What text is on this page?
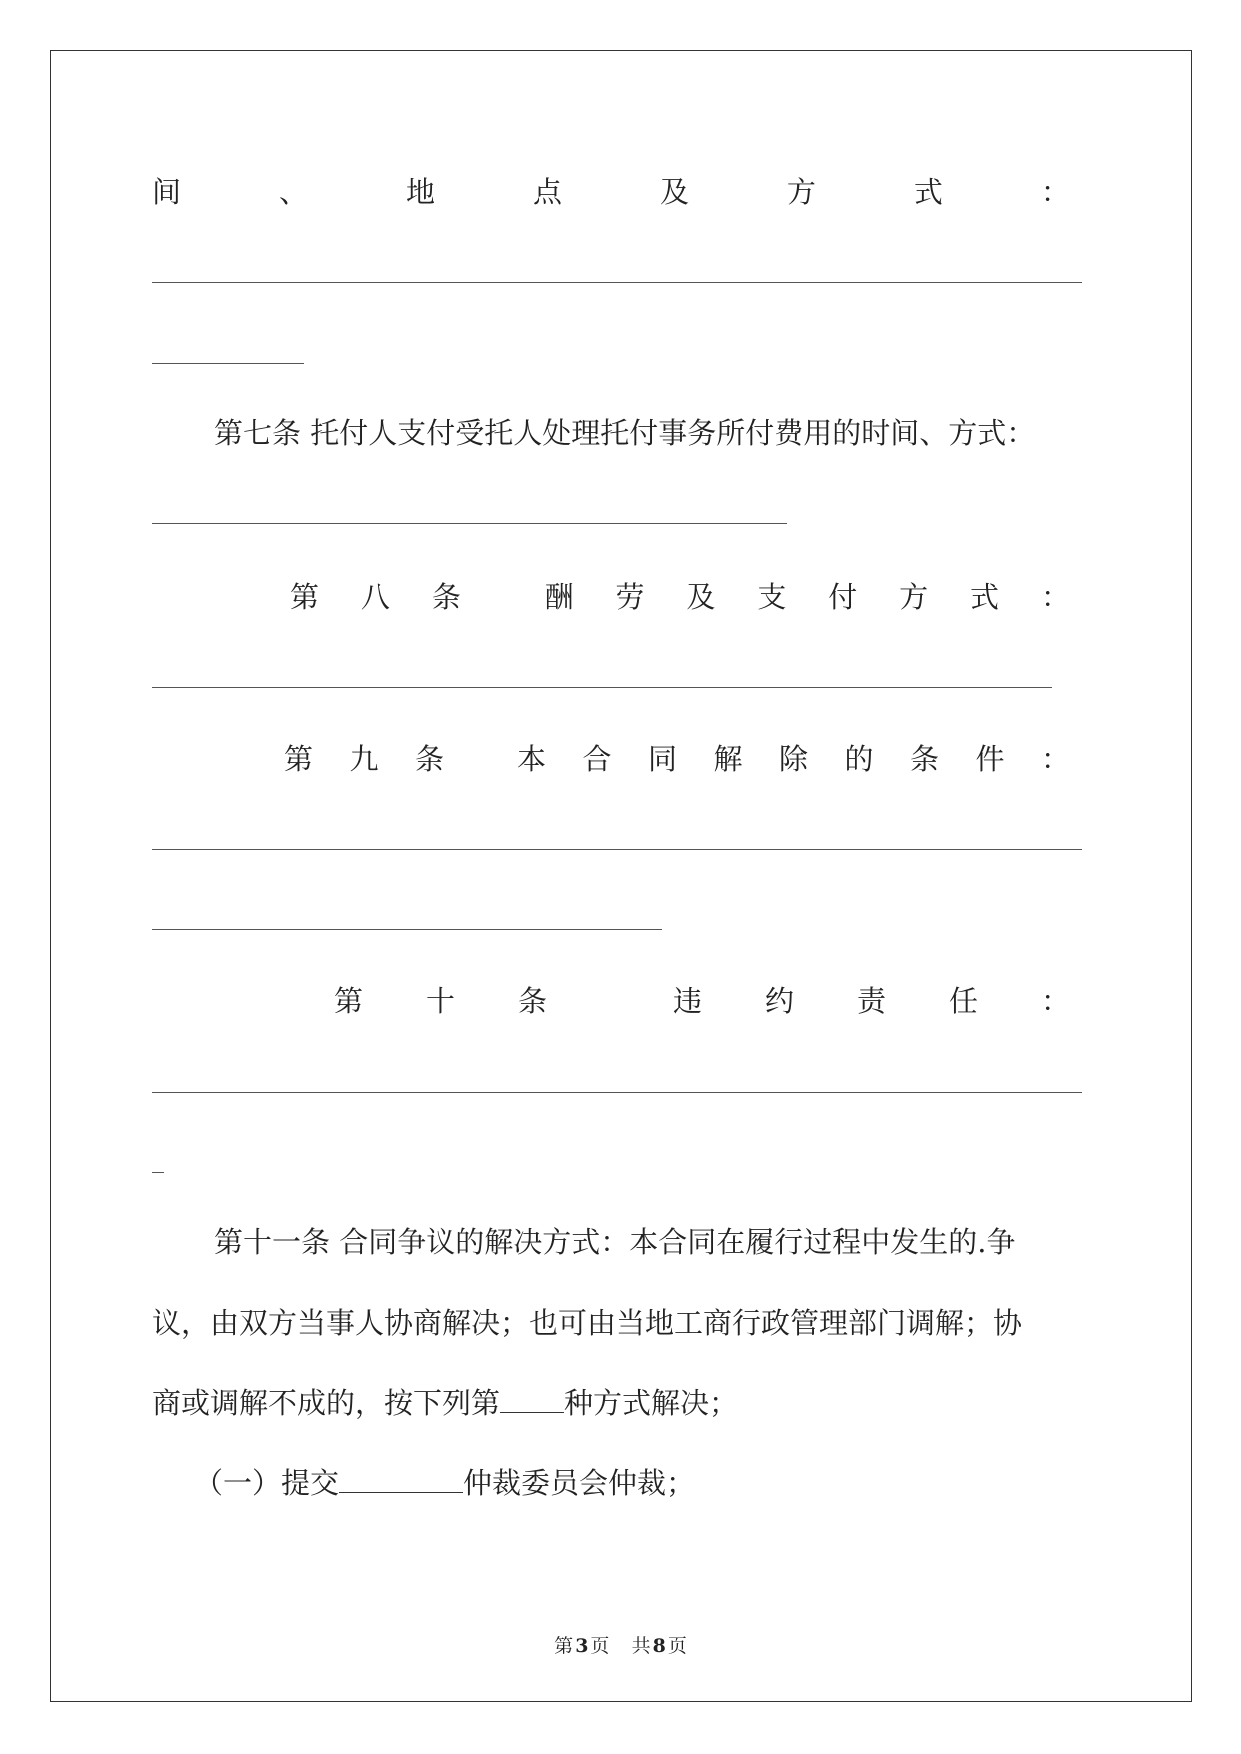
间	、	地	点	及	方	式	：
第七条 托付人支付受托人处理托付事务所付费用的时间、方式：
第 八 条	酬 劳 及 支 付 方 式 ：
第 九 条	本 合 同 解 除 的 条 件 ：
第 十 条	违 约 责 任 ：
第十一条 合同争议的解决方式：本合同在履行过程中发生的.争
议，由双方当事人协商解决；也可由当地工商行政管理部门调解；协
商或调解不成的，按下列第 种方式解决；
（一）提交	仲裁委员会仲裁；
第 3 页 共 8 页
